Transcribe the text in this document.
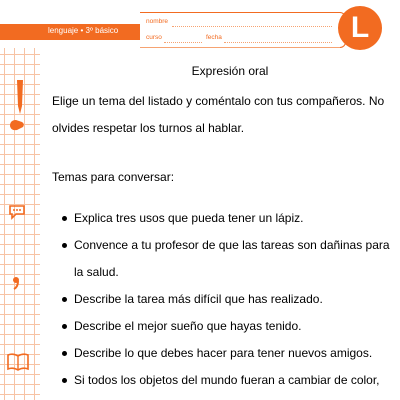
lenguaje • 3º básico
nombre
curso	fecha	L
Expresión oral

Elige un tema del listado y coméntalo con tus compañeros. No olvides respetar los turnos al hablar.

Temas para conversar:
Explica tres usos que pueda tener un lápiz.
Convence a tu profesor de que las tareas son dañinas para la salud.
Describe la tarea más difícil que has realizado.
Describe el mejor sueño que hayas tenido.
Describe lo que debes hacer para tener nuevos amigos.
Si todos los objetos del mundo fueran a cambiar de color,
